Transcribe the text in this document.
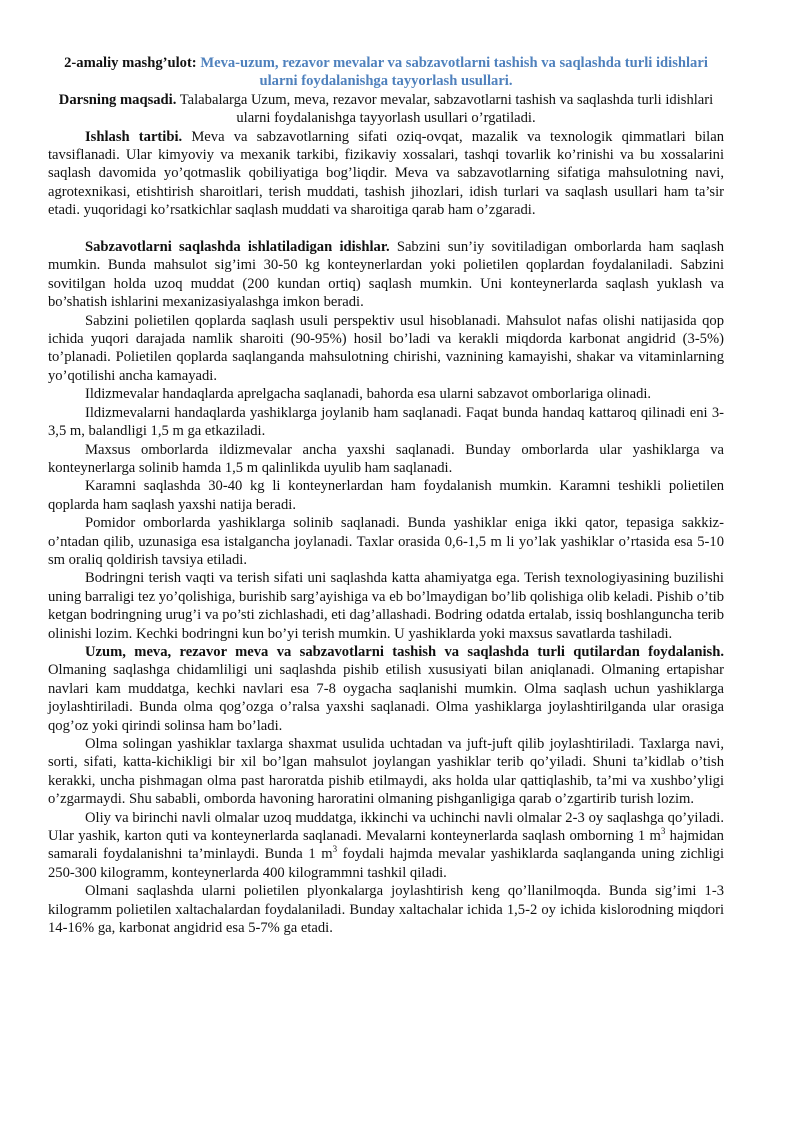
2-amaliy mashg’ulot: Meva-uzum, rezavor mevalar va sabzavotlarni tashish va saqlashda turli idishlari ularni foydalanishga tayyorlash usullari.
Darsning maqsadi. Talabalarga Uzum, meva, rezavor mevalar, sabzavotlarni tashish va saqlashda turli idishlari ularni foydalanishga tayyorlash usullari o’rgatiladi.

Ishlash tartibi. Meva va sabzavotlarning sifati oziq-ovqat, mazalik va texnologik qimmatlari bilan tavsiflanadi. Ular kimyoviy va mexanik tarkibi, fizikaviy xossalari, tashqi tovarlik ko’rinishi va bu xossalarini saqlash davomida yo’qotmaslik qobiliyatiga bog’liqdir. Meva va sabzavotlarning sifatiga mahsulotning navi, agrotexnikasi, etishtirish sharoitlari, terish muddati, tashish jihozlari, idish turlari va saqlash usullari ham ta’sir etadi. yuqoridagi ko’rsatkichlar saqlash muddati va sharoitiga qarab ham o’zgaradi.

Sabzavotlarni saqlashda ishlatiladigan idishlar. Sabzini sun’iy sovitiladigan omborlarda ham saqlash mumkin. Bunda mahsulot sig’imi 30-50 kg konteynerlardan yoki polietilen qoplardan foydalaniladi. Sabzini sovitilgan holda uzoq muddat (200 kundan ortiq) saqlash mumkin. Uni konteynerlarda saqlash yuklash va bo’shatish ishlarini mexanizasiyalashga imkon beradi.

Sabzini polietilen qoplarda saqlash usuli perspektiv usul hisoblanadi. Mahsulot nafas olishi natijasida qop ichida yuqori darajada namlik sharoiti (90-95%) hosil bo’ladi va kerakli miqdorda karbonat angidrid (3-5%) to’planadi. Polietilen qoplarda saqlanganda mahsulotning chirishi, vaznining kamayishi, shakar va vitaminlarning yo’qotilishi ancha kamayadi.

Ildizmevalar handaqlarda aprelgacha saqlanadi, bahorda esa ularni sabzavot omborlariga olinadi.

Ildizmevalarni handaqlarda yashiklarga joylanib ham saqlanadi. Faqat bunda handaq kattaroq qilinadi eni 3-3,5 m, balandligi 1,5 m ga etkaziladi.

Maxsus omborlarda ildizmevalar ancha yaxshi saqlanadi. Bunday omborlarda ular yashiklarga va konteynerlarga solinib hamda 1,5 m qalinlikda uyulib ham saqlanadi.

Karamni saqlashda 30-40 kg li konteynerlardan ham foydalanish mumkin. Karamni teshikli polietilen qoplarda ham saqlash yaxshi natija beradi.

Pomidor omborlarda yashiklarga solinib saqlanadi. Bunda yashiklar eniga ikki qator, tepasiga sakkiz-o’ntadan qilib, uzunasiga esa istalgancha joylanadi. Taxlar orasida 0,6-1,5 m li yo’lak yashiklar o’rtasida esa 5-10 sm oraliq qoldirish tavsiya etiladi.

Bodringni terish vaqti va terish sifati uni saqlashda katta ahamiyatga ega. Terish texnologiyasining buzilishi uning barraligi tez yo’qolishiga, burishib sarg’ayishiga va eb bo’lmaydigan bo’lib qolishiga olib keladi. Pishib o’tib ketgan bodringning urug’i va po’sti zichlashadi, eti dag’allashadi. Bodring odatda ertalab, issiq boshlanguncha terib olinishi lozim. Kechki bodringni kun bo’yi terish mumkin. U yashiklarda yoki maxsus savatlarda tashiladi.

Uzum, meva, rezavor meva va sabzavotlarni tashish va saqlashda turli qutilardan foydalanish. Olmaning saqlashga chidamliligi uni saqlashda pishib etilish xususiyati bilan aniqlanadi. Olmaning ertapishar navlari kam muddatga, kechki navlari esa 7-8 oygacha saqlanishi mumkin. Olma saqlash uchun yashiklarga joylashtiriladi. Bunda olma qog’ozga o’ralsa yaxshi saqlanadi. Olma yashiklarga joylashtirilganda ular orasiga qog’oz yoki qirindi solinsa ham bo’ladi.

Olma solingan yashiklar taxlarga shaxmat usulida uchtadan va juft-juft qilib joylashtiriladi. Taxlarga navi, sorti, sifati, katta-kichikligi bir xil bo’lgan mahsulot joylangan yashiklar terib qo’yiladi. Shuni ta’kidlab o’tish kerakki, uncha pishmagan olma past haroratda pishib etilmaydi, aks holda ular qattiqlashib, ta’mi va xushbo’yligi o’zgarmaydi. Shu sababli, omborda havoning haroratini olmaning pishganligiga qarab o’zgartirib turish lozim.

Oliy va birinchi navli olmalar uzoq muddatga, ikkinchi va uchinchi navli olmalar 2-3 oy saqlashga qo’yiladi. Ular yashik, karton quti va konteynerlarda saqlanadi. Mevalarni konteynerlarda saqlash omborning 1 $m^3$ hajmidan samarali foydalanishni ta’minlaydi. Bunda 1 $m^3$ foydali hajmda mevalar yashiklarda saqlanganda uning zichligi 250-300 kilogramm, konteynerlarda 400 kilogrammni tashkil qiladi.

Olmani saqlashda ularni polietilen plyonkalarga joylashtirish keng qo’llanilmoqda. Bunda sig’imi 1-3 kilogramm polietilen xaltachalardan foydalaniladi. Bunday xaltachalar ichida 1,5-2 oy ichida kislorodning miqdori 14-16% ga, karbonat angidrid esa 5-7% ga etadi.
